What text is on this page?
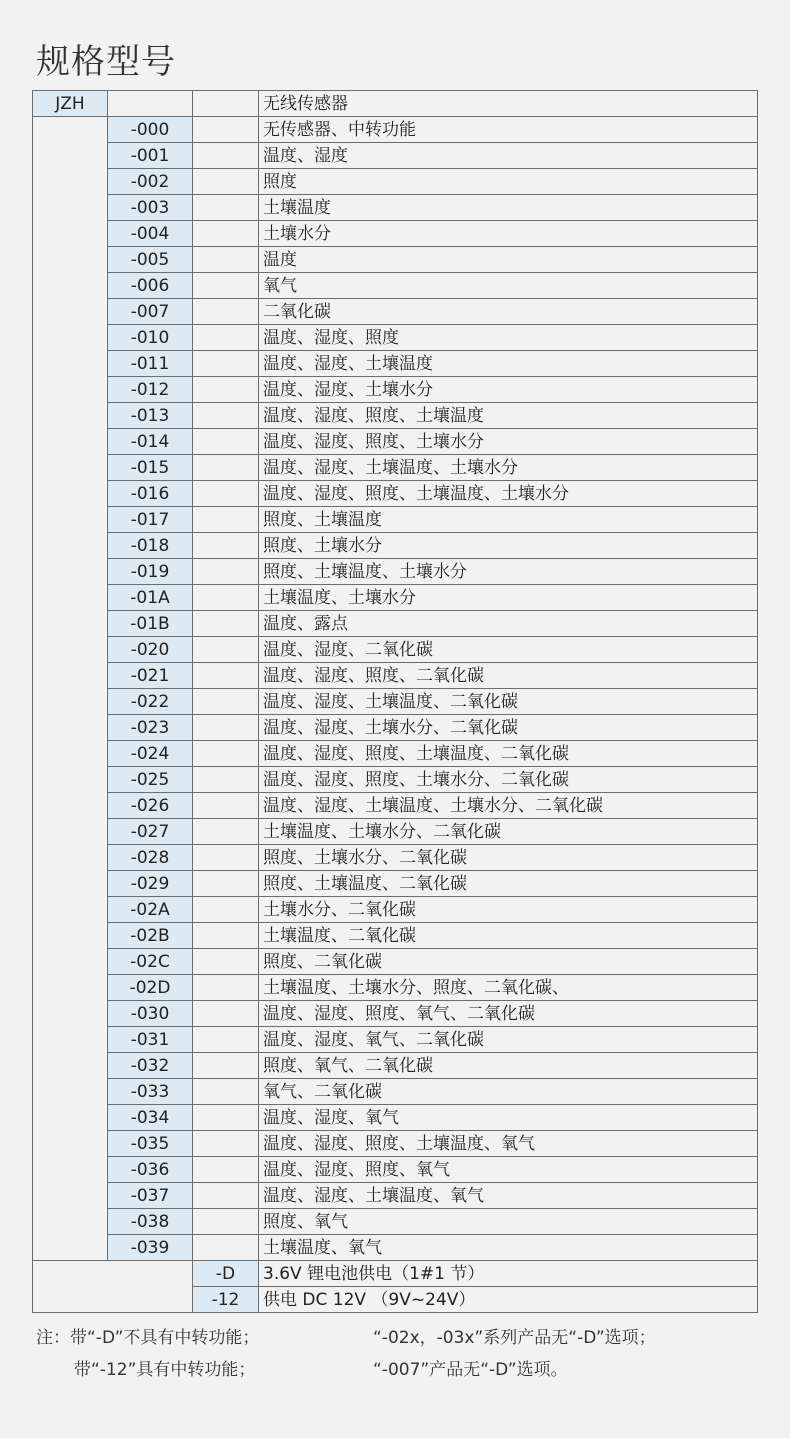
规格型号
JZH			无线传感器
	-000		无传感器、中转功能
	-001		温度、湿度
	-002		照度
	-003		土壤温度
	-004		土壤水分
	-005		温度
	-006		氧气
	-007		二氧化碳
	-010		温度、湿度、照度
	-011		温度、湿度、土壤温度
	-012		温度、湿度、土壤水分
	-013		温度、湿度、照度、土壤温度
	-014		温度、湿度、照度、土壤水分
	-015		温度、湿度、土壤温度、土壤水分
	-016		温度、湿度、照度、土壤温度、土壤水分
	-017		照度、土壤温度
	-018		照度、土壤水分
	-019		照度、土壤温度、土壤水分
	-01A		土壤温度、土壤水分
	-01B		温度、露点
	-020		温度、湿度、二氧化碳
	-021		温度、湿度、照度、二氧化碳
	-022		温度、湿度、土壤温度、二氧化碳
	-023		温度、湿度、土壤水分、二氧化碳
	-024		温度、湿度、照度、土壤温度、二氧化碳
	-025		温度、湿度、照度、土壤水分、二氧化碳
	-026		温度、湿度、土壤温度、土壤水分、二氧化碳
	-027		土壤温度、土壤水分、二氧化碳
	-028		照度、土壤水分、二氧化碳
	-029		照度、土壤温度、二氧化碳
	-02A		土壤水分、二氧化碳
	-02B		土壤温度、二氧化碳
	-02C		照度、二氧化碳
	-02D		土壤温度、土壤水分、照度、二氧化碳、
	-030		温度、湿度、照度、氧气、二氧化碳
	-031		温度、湿度、氧气、二氧化碳
	-032		照度、氧气、二氧化碳
	-033		氧气、二氧化碳
	-034		温度、湿度、氧气
	-035		温度、湿度、照度、土壤温度、氧气
	-036		温度、湿度、照度、氧气
	-037		温度、湿度、土壤温度、氧气
	-038		照度、氧气
	-039		土壤温度、氧气
		-D	3.6V 锂电池供电（1#1 节）
		-12	供电 DC 12V （9V~24V）
注：带“-D”不具有中转功能；	“-02x，-03x”系列产品无“-D”选项；
带“-12”具有中转功能；	“-007”产品无“-D”选项。
